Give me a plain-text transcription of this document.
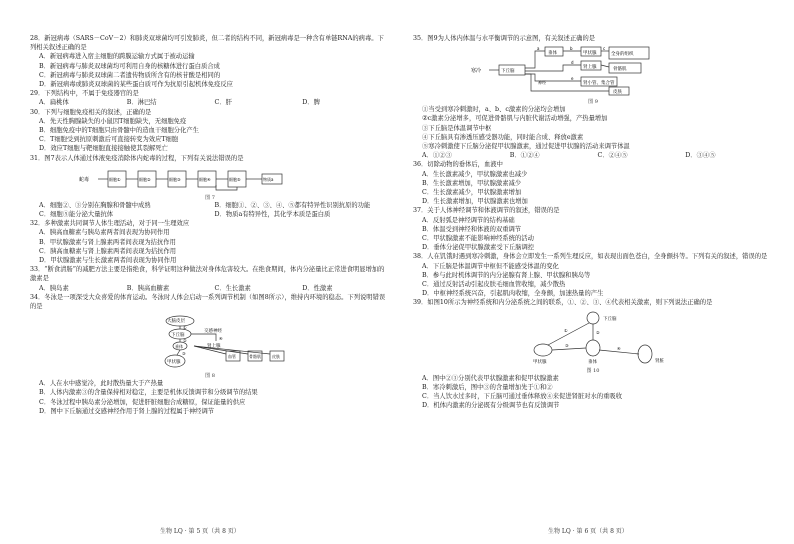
28．新冠病毒（SARS－CoV－2）和肺炎双球菌均可引发肺炎，但二者的结构不同，新冠病毒是一种含有单链RNA的病毒。下列相关叙述正确的是

A．新冠病毒进入宿主细胞的跨膜运输方式属于被动运输

B．新冠病毒与肺炎双球菌均可利用自身的核糖体进行蛋白质合成

C．新冠病毒与肺炎双球菌二者遗传物质所含有的核苷酸是相同的

D．新冠病毒或肺炎双球菌的某些蛋白质可作为抗原引起机体免疫反应

29．下列结构中，不属于免疫器官的是

A．扁桃体	B．淋巴结	C．肝	D．脾

30．下列与细胞免疫相关的叙述，正确的是

A．先天性胸腺缺失的小鼠因T细胞缺失，无细胞免疫

B．细胞免疫中的T细胞只由骨髓中的造血干细胞分化产生

C．T细胞受到抗原刺激后可直接转变为效应T细胞

D．效应T细胞与靶细胞直接接触使其裂解死亡

31．图7表示人体通过体液免疫消除体内蛇毒的过程，下列有关说法错误的是

蛇毒	细胞①	细胞②	细胞③	细胞④	细胞⑤	物质a
图 7
A．细胞②、③分别在胸腺和骨髓中成熟	B．细胞①、②、③、④、⑤都有特异性识别抗原的功能
C．细胞⑤能分泌大量抗体	D．物质a有特异性，其化学本质是蛋白质

32．多种激素共同调节人体生理活动，对于同一生理效应

A．胰高血糖素与胰岛素两者间表现为协同作用

B．甲状腺激素与肾上腺素两者间表现为拮抗作用

C．胰高血糖素与肾上腺素两者间表现为拮抗作用

D．甲状腺激素与生长激素两者间表现为协同作用

33．“断食清肠”的减肥方法主要是指绝食，科学证明这种做法对身体危害较大。在绝食期间，体内分泌量比正常进食明显增加的激素是

A．胰岛素	B．胰高血糖素	C．生长激素	D．性激素

34．冬泳是一项深受大众喜爱的体育运动。冬泳时人体会启动一系列调节机制（如图8所示），维持内环境的稳态。下列说明错误的是

大脑皮层
下丘脑
垂体
甲状腺
交感神经
肾上腺
血管	骨骼肌	皮肤
①
②
③
④
图 8

A．人在水中感觉冷，此时散热量大于产热量

B．人体内激素③的含量保持相对稳定，主要是机体反馈调节和分级调节的结果

C．冬泳过程中胰岛素分泌增加，促进肝脏细胞合成糖原，保证能量的供应

D．图中下丘脑通过交感神经作用于肾上腺的过程属于神经调节

35．图9为人体内体温与水平衡调节的示意图，有关叙述正确的是

寒冷	下丘脑
垂体	甲状腺
肾上腺
全身的组织
骨骼肌
肾小管、集合管
皮肤
神经
a	b	c
d
e
图 9

①当受到寒冷刺激时，a、b、c激素的分泌均会增加

②c激素分泌增多，可促进骨骼肌与内脏代谢活动增强，产热量增加

③下丘脑是体温调节中枢

④下丘脑具有渗透压感受器功能，同时能合成、释放e激素

⑤寒冷刺激使下丘脑分泌促甲状腺激素，通过促进甲状腺的活动来调节体温

A．①②③	B．①②④	C．②④⑤	D．③④⑤

36．切除动物的垂体后，血液中

A．生长激素减少，甲状腺激素也减少

B．生长激素增加，甲状腺激素减少

C．生长激素减少，甲状腺激素增加

D．生长激素增加，甲状腺激素也增加

37．关于人体神经调节和体液调节的叙述，错误的是

A．反射弧是神经调节的结构基础

B．体温受到神经和体液的双重调节

C．甲状腺激素不能影响神经系统的活动

D．垂体分泌促甲状腺激素受下丘脑调控

38．人在饥饿时遇到寒冷刺激，身体会立即发生一系列生理反应，如表现出面色苍白，全身颤抖等。下列有关的叙述，错误的是

A．下丘脑是体温调节中枢但不能感受体温的变化

B．参与此时机体调节的内分泌腺有肾上腺、甲状腺和胰岛等

C．通过反射活动引起皮肤毛细血管收缩，减少散热

D．中枢神经系统兴奋，引起肌肉收缩，全身颤，加速热量的产生

39．如图10所示为神经系统和内分泌系统之间的联系，①、②、③、④代表相关激素，则下列说法正确的是

下丘脑
甲状腺	垂体	肾脏
①	②
③
④
图 10

A．图中②③分别代表甲状腺激素和促甲状腺激素

B．寒冷刺激后，图中③的含量增加先于①和②

C．当人饮水过多时，下丘脑可通过垂体释放④来促进肾脏对水的重吸收

D．机体内激素的分泌既有分级调节也有反馈调节

生物 LQ · 第 5 页（共 8 页）	生物 LQ · 第 6 页（共 8 页）
